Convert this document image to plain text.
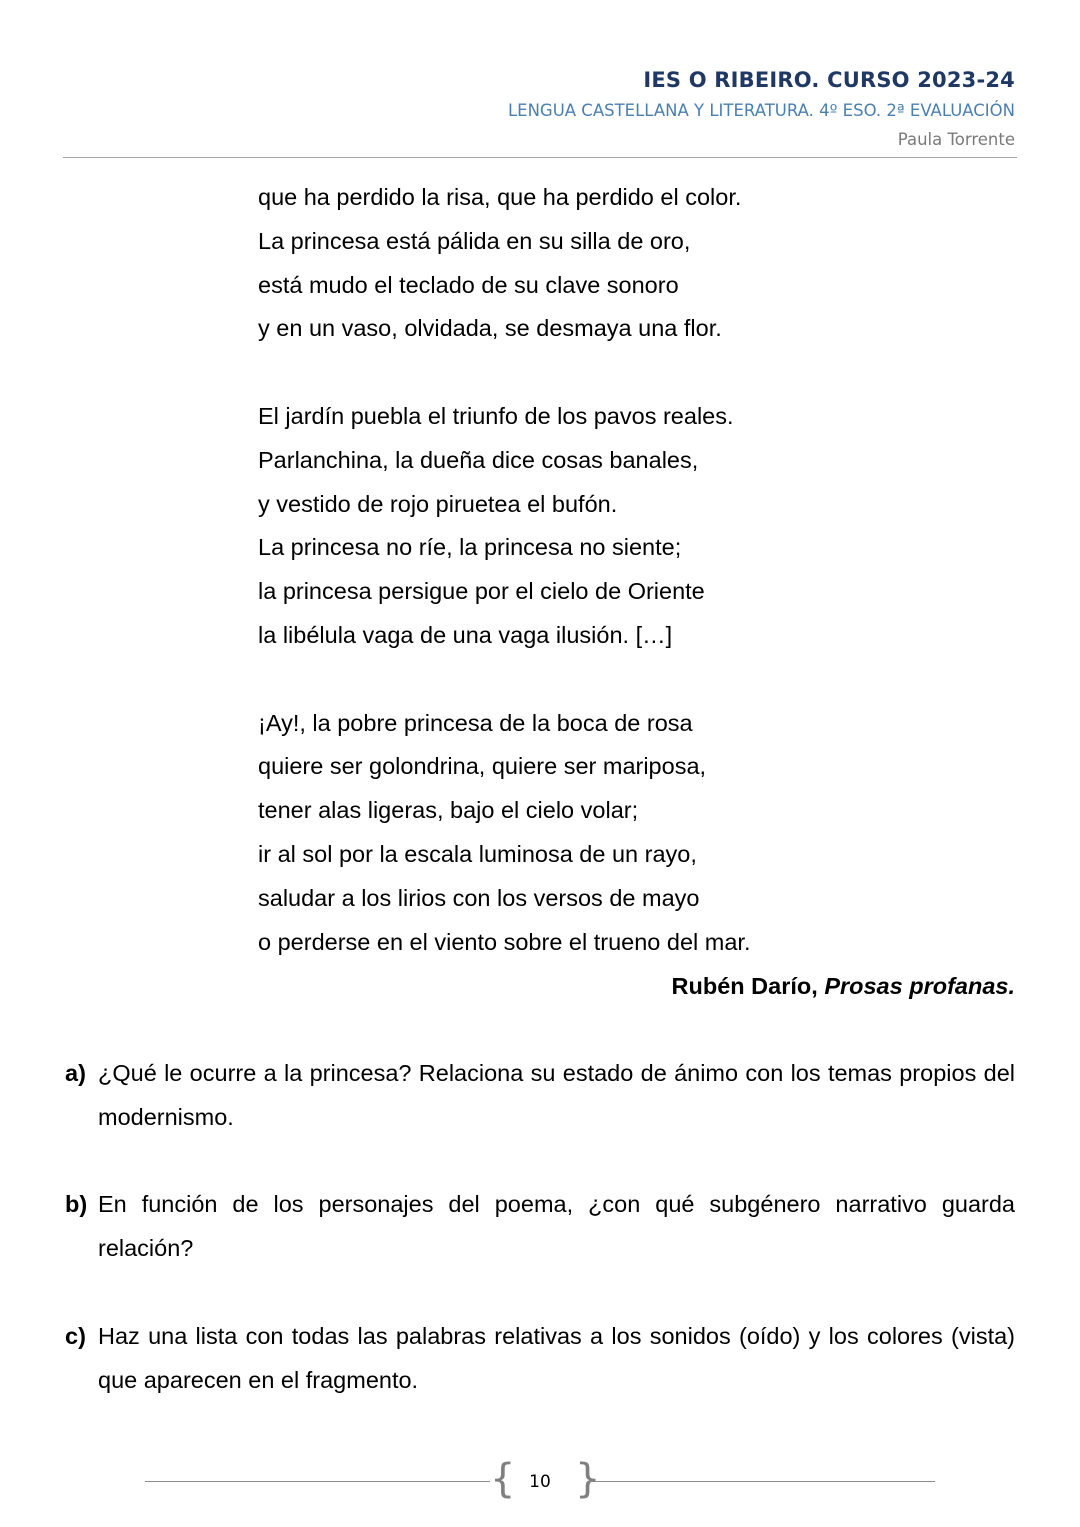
IES O RIBEIRO. CURSO 2023-24
LENGUA CASTELLANA Y LITERATURA. 4º ESO. 2ª EVALUACIÓN
Paula Torrente
que ha perdido la risa, que ha perdido el color.
La princesa está pálida en su silla de oro,
está mudo el teclado de su clave sonoro
y en un vaso, olvidada, se desmaya una flor.
El jardín puebla el triunfo de los pavos reales.
Parlanchina, la dueña dice cosas banales,
y vestido de rojo piruetea el bufón.
La princesa no ríe, la princesa no siente;
la princesa persigue por el cielo de Oriente
la libélula vaga de una vaga ilusión. […]
¡Ay!, la pobre princesa de la boca de rosa
quiere ser golondrina, quiere ser mariposa,
tener alas ligeras, bajo el cielo volar;
ir al sol por la escala luminosa de un rayo,
saludar a los lirios con los versos de mayo
o perderse en el viento sobre el trueno del mar.
Rubén Darío, Prosas profanas.
a) ¿Qué le ocurre a la princesa? Relaciona su estado de ánimo con los temas propios del modernismo.
b) En función de los personajes del poema, ¿con qué subgénero narrativo guarda relación?
c) Haz una lista con todas las palabras relativas a los sonidos (oído) y los colores (vista) que aparecen en el fragmento.
{ 10 }
